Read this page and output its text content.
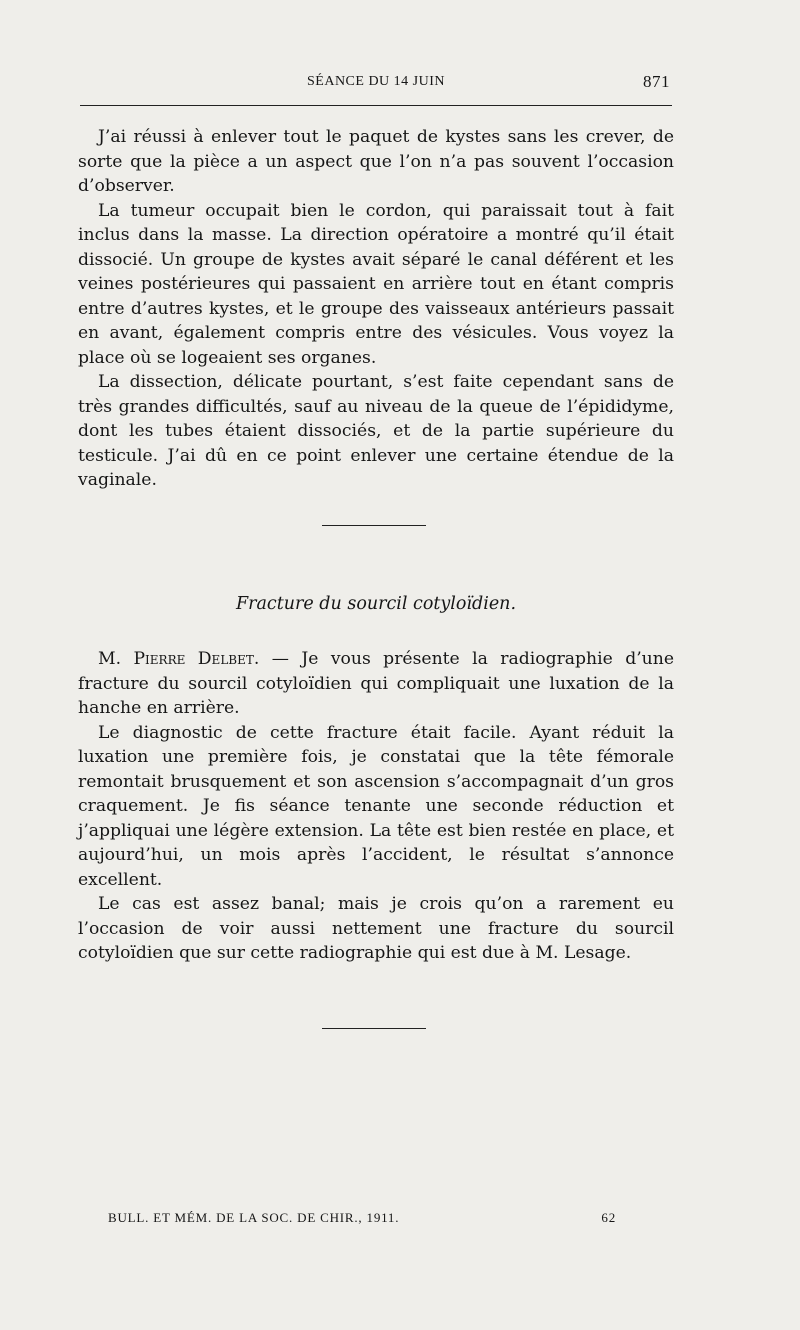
SÉANCE DU 14 JUIN	871

J’ai réussi à enlever tout le paquet de kystes sans les crever, de sorte que la pièce a un aspect que l’on n’a pas souvent l’occasion d’observer.

La tumeur occupait bien le cordon, qui paraissait tout à fait inclus dans la masse. La direction opératoire a montré qu’il était dissocié. Un groupe de kystes avait séparé le canal déférent et les veines postérieures qui passaient en arrière tout en étant compris entre d’autres kystes, et le groupe des vaisseaux antérieurs passait en avant, également compris entre des vésicules. Vous voyez la place où se logeaient ses organes.

La dissection, délicate pourtant, s’est faite cependant sans de très grandes difficultés, sauf au niveau de la queue de l’épididyme, dont les tubes étaient dissociés, et de la partie supérieure du testicule. J’ai dû en ce point enlever une certaine étendue de la vaginale.

Fracture du sourcil cotyloïdien.

M. Pierre Delbet. — Je vous présente la radiographie d’une fracture du sourcil cotyloïdien qui compliquait une luxation de la hanche en arrière.

Le diagnostic de cette fracture était facile. Ayant réduit la luxation une première fois, je constatai que la tête fémorale remontait brusquement et son ascension s’accompagnait d’un gros craquement. Je fis séance tenante une seconde réduction et j’appliquai une légère extension. La tête est bien restée en place, et aujourd’hui, un mois après l’accident, le résultat s’annonce excellent.

Le cas est assez banal; mais je crois qu’on a rarement eu l’occasion de voir aussi nettement une fracture du sourcil cotyloïdien que sur cette radiographie qui est due à M. Lesage.

BULL. ET MÉM. DE LA SOC. DE CHIR., 1911.	62
